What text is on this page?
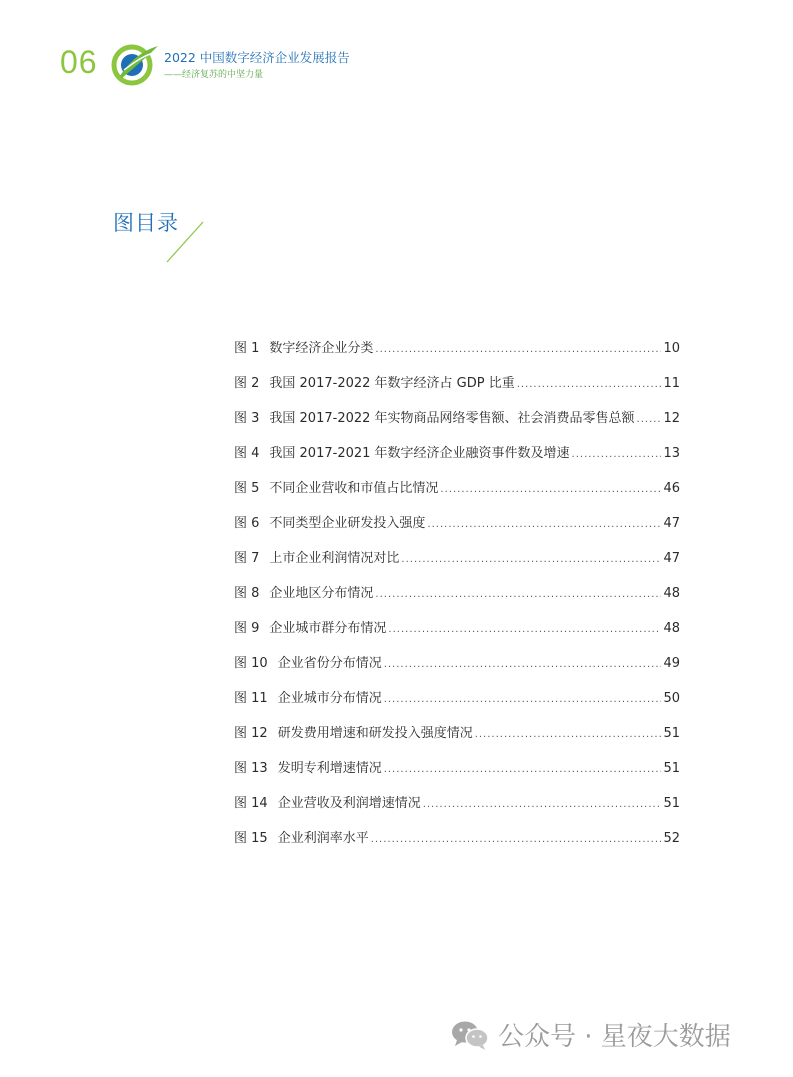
06	2022 中国数字经济企业发展报告
——经济复苏的中坚力量
图目录
图 1 数字经济企业分类 .....	10
图 2 我国 2017-2022 年数字经济占 GDP 比重 .....	11
图 3 我国 2017-2022 年实物商品网络零售额、社会消费品零售总额 ..... 12
图 4 我国 2017-2021 年数字经济企业融资事件数及增速 .....	13
图 5 不同企业营收和市值占比情况 .....	46
图 6 不同类型企业研发投入强度 .....	47
图 7 上市企业利润情况对比 .....	47
图 8 企业地区分布情况 .....	48
图 9 企业城市群分布情况 .....	48
图 10 企业省份分布情况 .....	49
图 11 企业城市分布情况 .....	50
图 12 研发费用增速和研发投入强度情况 .....	51
图 13 发明专利增速情况 .....	51
图 14 企业营收及利润增速情况 .....	51
图 15 企业利润率水平 .....	52
公众号 · 星夜大数据
